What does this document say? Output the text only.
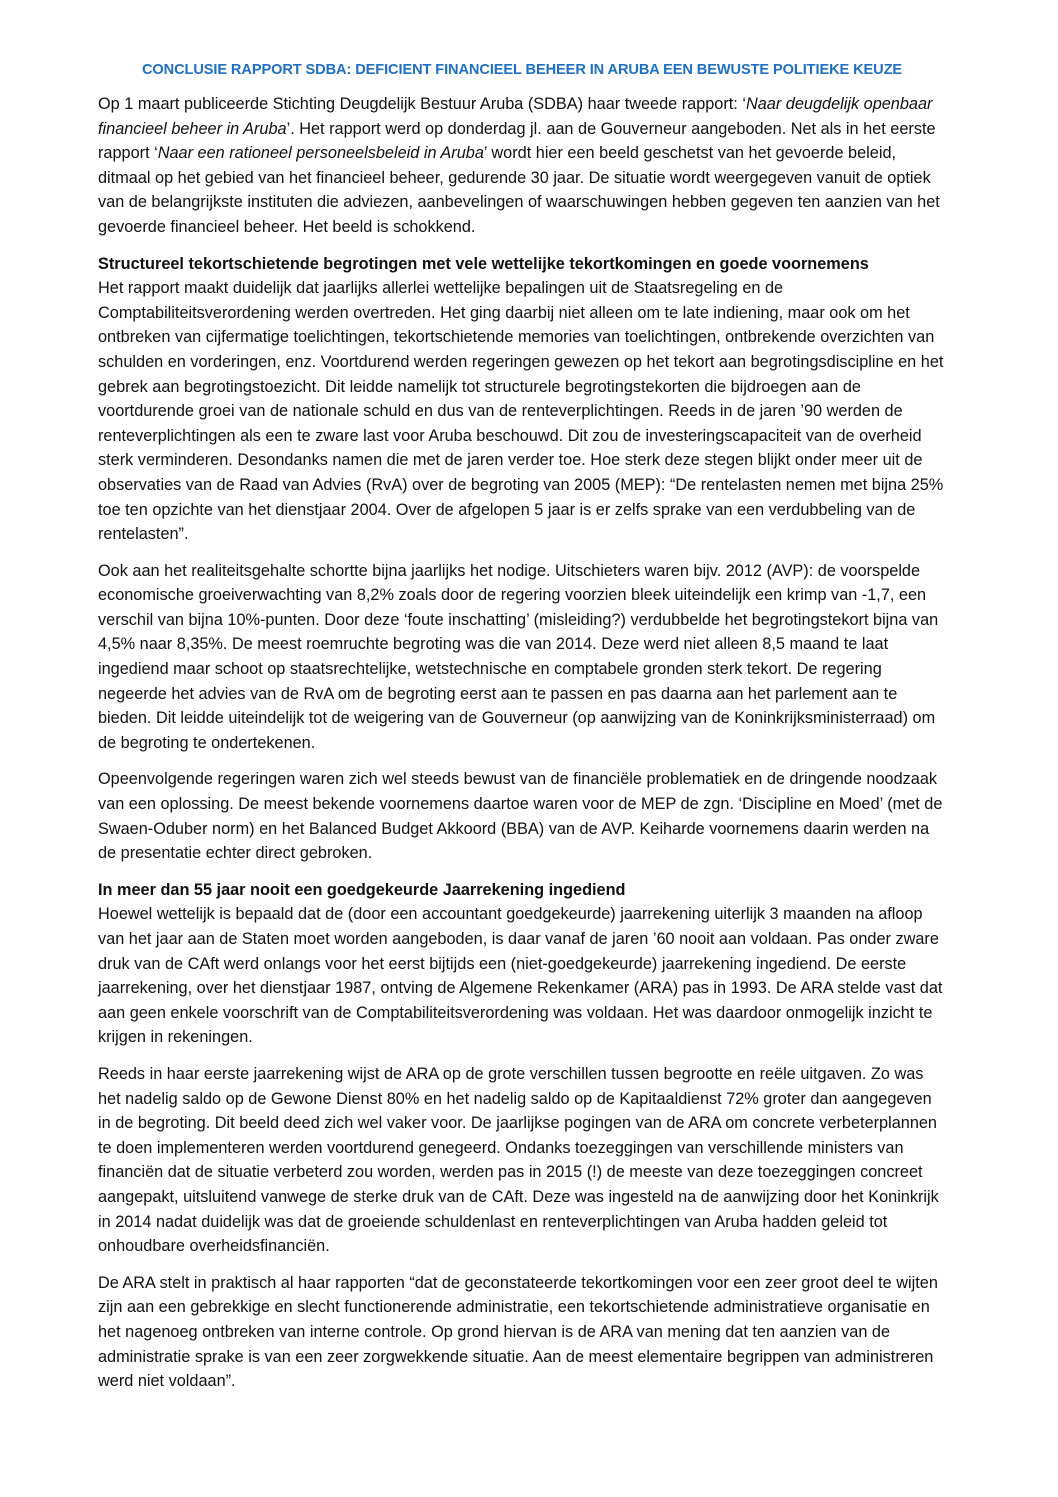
CONCLUSIE RAPPORT SDBA: DEFICIENT FINANCIEEL BEHEER IN ARUBA EEN BEWUSTE POLITIEKE KEUZE

Op 1 maart publiceerde Stichting Deugdelijk Bestuur Aruba (SDBA) haar tweede rapport: ‘Naar deugdelijk openbaar financieel beheer in Aruba’. Het rapport werd op donderdag jl. aan de Gouverneur aangeboden. Net als in het eerste rapport ‘Naar een rationeel personeelsbeleid in Aruba’ wordt hier een beeld geschetst van het gevoerde beleid, ditmaal op het gebied van het financieel beheer, gedurende 30 jaar. De situatie wordt weergegeven vanuit de optiek van de belangrijkste instituten die adviezen, aanbevelingen of waarschuwingen hebben gegeven ten aanzien van het gevoerde financieel beheer. Het beeld is schokkend.

Structureel tekortschietende begrotingen met vele wettelijke tekortkomingen en goede voornemens
Het rapport maakt duidelijk dat jaarlijks allerlei wettelijke bepalingen uit de Staatsregeling en de Comptabiliteitsverordening werden overtreden. Het ging daarbij niet alleen om te late indiening, maar ook om het ontbreken van cijfermatige toelichtingen, tekortschietende memories van toelichtingen, ontbrekende overzichten van schulden en vorderingen, enz. Voortdurend werden regeringen gewezen op het tekort aan begrotingsdiscipline en het gebrek aan begrotingstoezicht. Dit leidde namelijk tot structurele begrotingstekorten die bijdroegen aan de voortdurende groei van de nationale schuld en dus van de renteverplichtingen. Reeds in de jaren ’90 werden de renteverplichtingen als een te zware last voor Aruba beschouwd. Dit zou de investeringscapaciteit van de overheid sterk verminderen. Desondanks namen die met de jaren verder toe. Hoe sterk deze stegen blijkt onder meer uit de observaties van de Raad van Advies (RvA) over de begroting van 2005 (MEP): “De rentelasten nemen met bijna 25% toe ten opzichte van het dienstjaar 2004. Over de afgelopen 5 jaar is er zelfs sprake van een verdubbeling van de rentelasten”.

Ook aan het realiteitsgehalte schortte bijna jaarlijks het nodige. Uitschieters waren bijv. 2012 (AVP): de voorspelde economische groeiverwachting van 8,2% zoals door de regering voorzien bleek uiteindelijk een krimp van -1,7, een verschil van bijna 10%-punten. Door deze ‘foute inschatting’ (misleiding?) verdubbelde het begrotingstekort bijna van 4,5% naar 8,35%. De meest roemruchte begroting was die van 2014. Deze werd niet alleen 8,5 maand te laat ingediend maar schoot op staatsrechtelijke, wetstechnische en comptabele gronden sterk tekort. De regering negeerde het advies van de RvA om de begroting eerst aan te passen en pas daarna aan het parlement aan te bieden. Dit leidde uiteindelijk tot de weigering van de Gouverneur (op aanwijzing van de Koninkrijksministerraad) om de begroting te ondertekenen.

Opeenvolgende regeringen waren zich wel steeds bewust van de financiële problematiek en de dringende noodzaak van een oplossing. De meest bekende voornemens daartoe waren voor de MEP de zgn. ‘Discipline en Moed’ (met de Swaen-Oduber norm) en het Balanced Budget Akkoord (BBA) van de AVP. Keiharde voornemens daarin werden na de presentatie echter direct gebroken.

In meer dan 55 jaar nooit een goedgekeurde Jaarrekening ingediend
Hoewel wettelijk is bepaald dat de (door een accountant goedgekeurde) jaarrekening uiterlijk 3 maanden na afloop van het jaar aan de Staten moet worden aangeboden, is daar vanaf de jaren ’60 nooit aan voldaan. Pas onder zware druk van de CAft werd onlangs voor het eerst bijtijds een (niet-goedgekeurde) jaarrekening ingediend. De eerste jaarrekening, over het dienstjaar 1987, ontving de Algemene Rekenkamer (ARA) pas in 1993. De ARA stelde vast dat aan geen enkele voorschrift van de Comptabiliteitsverordening was voldaan. Het was daardoor onmogelijk inzicht te krijgen in rekeningen.

Reeds in haar eerste jaarrekening wijst de ARA op de grote verschillen tussen begrootte en reële uitgaven. Zo was het nadelig saldo op de Gewone Dienst 80% en het nadelig saldo op de Kapitaaldienst 72% groter dan aangegeven in de begroting. Dit beeld deed zich wel vaker voor. De jaarlijkse pogingen van de ARA om concrete verbeterplannen te doen implementeren werden voortdurend genegeerd. Ondanks toezeggingen van verschillende ministers van financiën dat de situatie verbeterd zou worden, werden pas in 2015 (!) de meeste van deze toezeggingen concreet aangepakt, uitsluitend vanwege de sterke druk van de CAft. Deze was ingesteld na de aanwijzing door het Koninkrijk in 2014 nadat duidelijk was dat de groeiende schuldenlast en renteverplichtingen van Aruba hadden geleid tot onhoudbare overheidsfinanciën.

De ARA stelt in praktisch al haar rapporten “dat de geconstateerde tekortkomingen voor een zeer groot deel te wijten zijn aan een gebrekkige en slecht functionerende administratie, een tekortschietende administratieve organisatie en het nagenoeg ontbreken van interne controle. Op grond hiervan is de ARA van mening dat ten aanzien van de administratie sprake is van een zeer zorgwekkende situatie. Aan de meest elementaire begrippen van administreren werd niet voldaan”.
